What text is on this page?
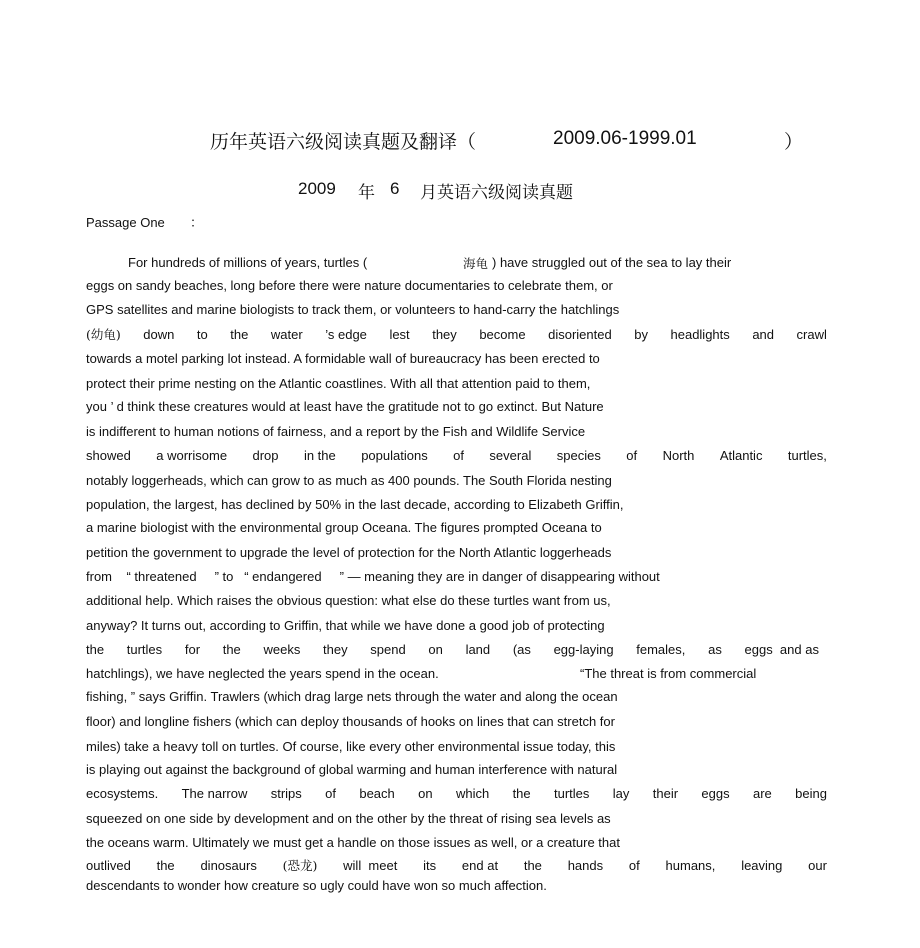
历年英语六级阅读真题及翻译（	2009.06-1999.01	）
2009 年 6 月英语六级阅读真题
Passage One ：
For hundreds of millions of years, turtles (	海龟 ) have struggled out of the sea to lay their
eggs on sandy beaches, long before there were nature documentaries to celebrate them, or
GPS satellites and marine biologists to track them, or volunteers to hand-carry the hatchlings
(幼龟) down to the water ’s edge lest they become disoriented by headlights and crawl
towards a motel parking lot instead. A formidable wall of bureaucracy has been erected to
protect their prime nesting on the Atlantic coastlines. With all that attention paid to them,
you ’ d think these creatures would at least have the gratitude not to go extinct. But Nature
is indifferent to human notions of fairness, and a report by the Fish and Wildlife Service
showed a worrisome drop in the populations of several species of North Atlantic turtles,
notably loggerheads, which can grow to as much as 400 pounds. The South Florida nesting
population, the largest, has declined by 50% in the last decade, according to Elizabeth Griffin,
a marine biologist with the environmental group Oceana. The figures prompted Oceana to
petition the government to upgrade the level of protection for the North Atlantic loggerheads
from    “ threatened     ” to   “ endangered     ” — meaning they are in danger of disappearing without
additional help. Which raises the obvious question: what else do these turtles want from us,
anyway? It turns out, according to Griffin, that while we have done a good job of protecting
the turtles for the weeks they spend on land (as egg-laying females, as eggs  and as
hatchlings), we have neglected the years spend in the ocean.	“The threat is from commercial
fishing, ” says Griffin. Trawlers (which drag large nets through the water and along the ocean
floor) and longline fishers (which can deploy thousands of hooks on lines that can stretch for
miles) take a heavy toll on turtles. Of course, like every other environmental issue today, this
is playing out against the background of global warming and human interference with natural
ecosystems. The narrow strips of beach on which the turtles lay their eggs are being
squeezed on one side by development and on the other by the threat of rising sea levels as
the oceans warm. Ultimately we must get a handle on those issues as well, or a creature that
outlived the dinosaurs (恐龙) will  meet its end at the hands of humans, leaving our
descendants to wonder how creature so ugly could have won so much affection.
